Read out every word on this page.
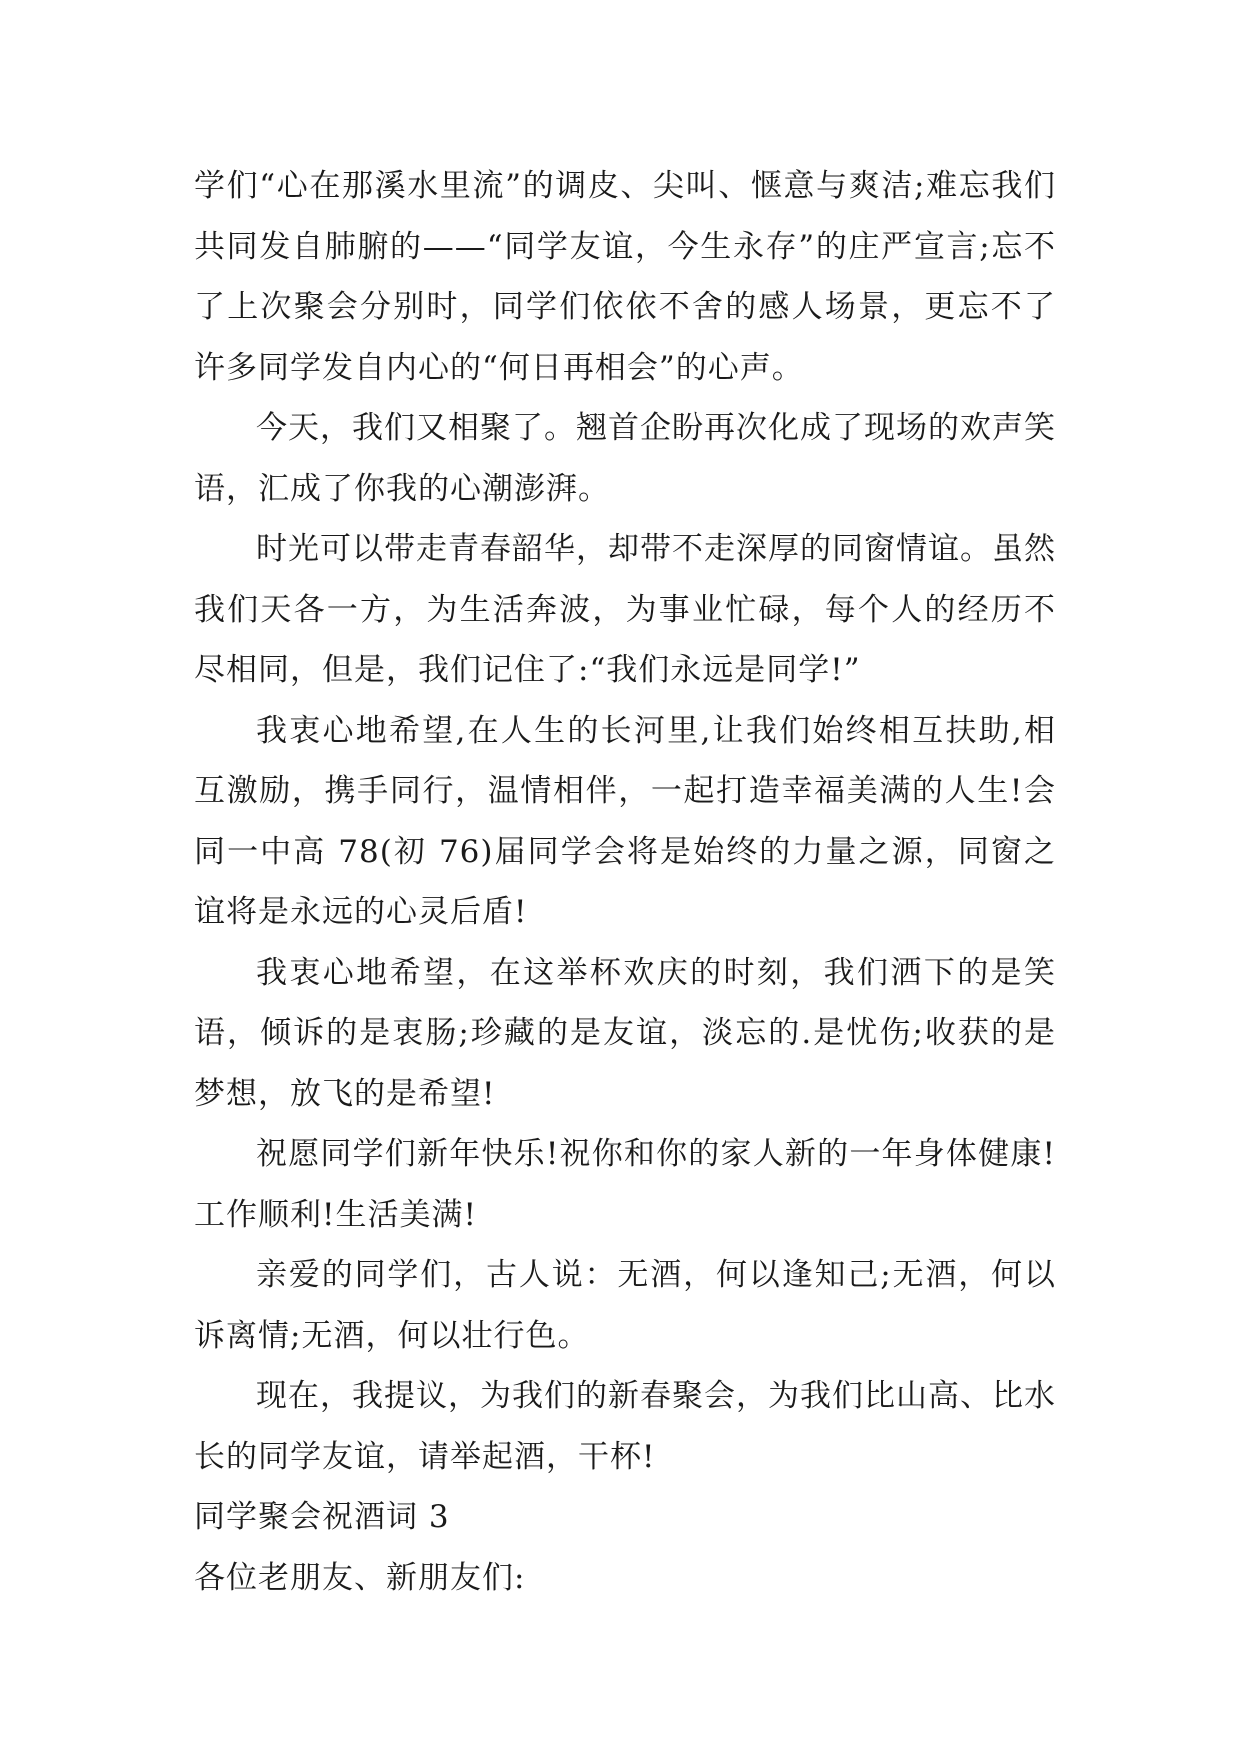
学们“心在那溪水里流”的调皮、尖叫、惬意与爽洁;难忘我们共同发自肺腑的——“同学友谊，今生永存”的庄严宣言;忘不了上次聚会分别时，同学们依依不舍的感人场景，更忘不了许多同学发自内心的“何日再相会”的心声。

今天，我们又相聚了。翘首企盼再次化成了现场的欢声笑语，汇成了你我的心潮澎湃。

时光可以带走青春韶华，却带不走深厚的同窗情谊。虽然我们天各一方，为生活奔波，为事业忙碌，每个人的经历不尽相同，但是，我们记住了:“我们永远是同学!”

我衷心地希望,在人生的长河里,让我们始终相互扶助,相互激励，携手同行，温情相伴，一起打造幸福美满的人生!会同一中高 78(初 76)届同学会将是始终的力量之源，同窗之谊将是永远的心灵后盾!

我衷心地希望，在这举杯欢庆的时刻，我们洒下的是笑语，倾诉的是衷肠;珍藏的是友谊，淡忘的.是忧伤;收获的是梦想，放飞的是希望!

祝愿同学们新年快乐!祝你和你的家人新的一年身体健康!工作顺利!生活美满!

亲爱的同学们，古人说：无酒，何以逢知己;无酒，何以诉离情;无酒，何以壮行色。

现在，我提议，为我们的新春聚会，为我们比山高、比水长的同学友谊，请举起酒，干杯!

同学聚会祝酒词 3

各位老朋友、新朋友们:
